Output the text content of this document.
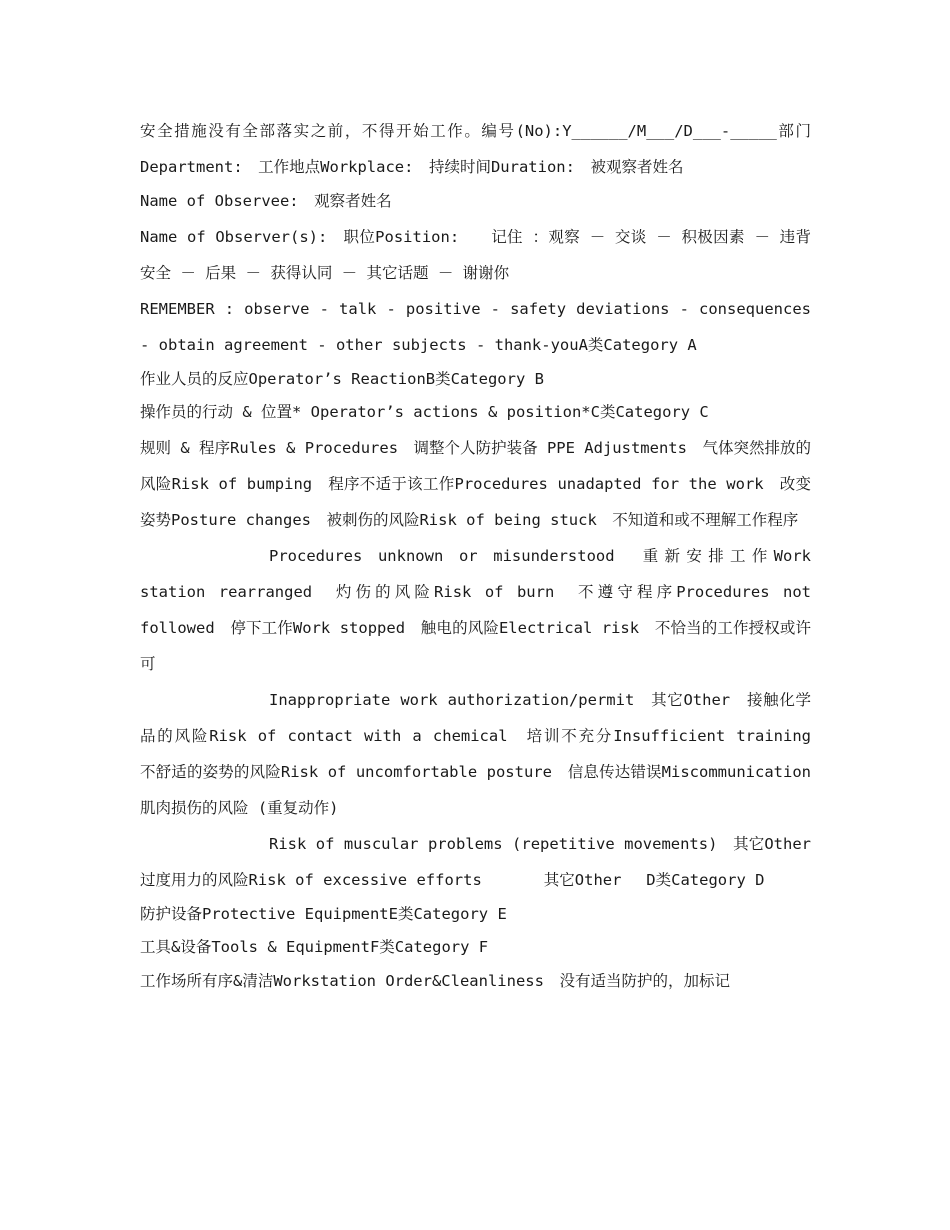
安全措施没有全部落实之前，不得开始工作。编号(No):Y______/M___/D___-_____部门Department:　工作地点Workplace:　持续时间Duration:　被观察者姓名

Name of Observee:　观察者姓名

Name of Observer(s):　职位Position:　　记住 ：观察 － 交谈 － 积极因素 － 违背安全 － 后果 － 获得认同 － 其它话题 － 谢谢你

REMEMBER : observe - talk - positive - safety deviations - consequences - obtain agreement - other subjects - thank-youA类Category A

作业人员的反应Operator’s ReactionB类Category B

操作员的行动 & 位置* Operator’s actions & position*C类Category C

规则 & 程序Rules & Procedures　调整个人防护装备 PPE Adjustments　气体突然排放的风险Risk of bumping　程序不适于该工作Procedures unadapted for the work　改变姿势Posture changes　被刺伤的风险Risk of being stuck　不知道和或不理解工作程序

Procedures unknown or misunderstood　重新安排工作Work station rearranged　灼伤的风险Risk of burn　不遵守程序Procedures not followed　停下工作Work stopped　触电的风险Electrical risk　不恰当的工作授权或许可

Inappropriate work authorization/permit　其它Other　接触化学品的风险Risk of contact with a chemical　培训不充分Insufficient training　　不舒适的姿势的风险Risk of uncomfortable posture　信息传达错误Miscommunication　　肌肉损伤的风险 (重复动作)

Risk of muscular problems (repetitive movements)　其它Other　　过度用力的风险Risk of excessive efforts　　　　其它Other　 D类Category D

防护设备Protective EquipmentE类Category E

工具&设备Tools & EquipmentF类Category F

工作场所有序&清洁Workstation Order&Cleanliness　没有适当防护的，加标记
